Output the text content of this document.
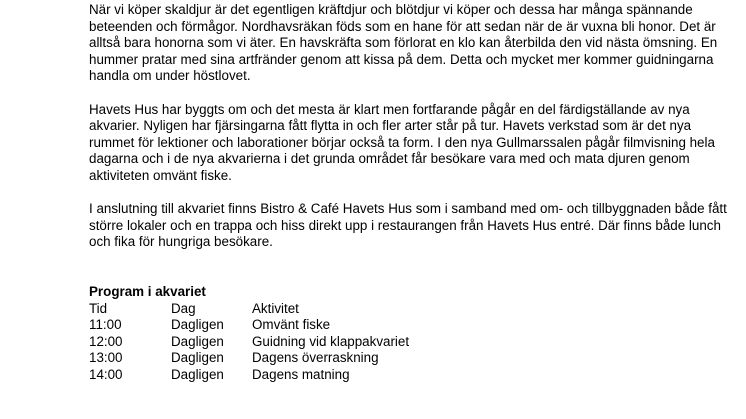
När vi köper skaldjur är det egentligen kräftdjur och blötdjur vi köper och dessa har många spännande beteenden och förmågor. Nordhavsräkan föds som en hane för att sedan när de är vuxna bli honor. Det är alltså bara honorna som vi äter. En havskräfta som förlorat en klo kan återbilda den vid nästa ömsning. En hummer pratar med sina artfränder genom att kissa på dem. Detta och mycket mer kommer guidningarna handla om under höstlovet.

Havets Hus har byggts om och det mesta är klart men fortfarande pågår en del färdigställande av nya akvarier. Nyligen har fjärsingarna fått flytta in och fler arter står på tur. Havets verkstad som är det nya rummet för lektioner och laborationer börjar också ta form. I den nya Gullmarssalen pågår filmvisning hela dagarna och i de nya akvarierna i det grunda området får besökare vara med och mata djuren genom aktiviteten omvänt fiske.

I anslutning till akvariet finns Bistro & Café Havets Hus som i samband med om- och tillbyggnaden både fått större lokaler och en trappa och hiss direkt upp i restaurangen från Havets Hus entré. Där finns både lunch och fika för hungriga besökare.

Program i akvariet

Tid	Dag	Aktivitet
11:00	Dagligen	Omvänt fiske
12:00	Dagligen	Guidning vid klappakvariet
13:00	Dagligen	Dagens överraskning
14:00	Dagligen	Dagens matning
